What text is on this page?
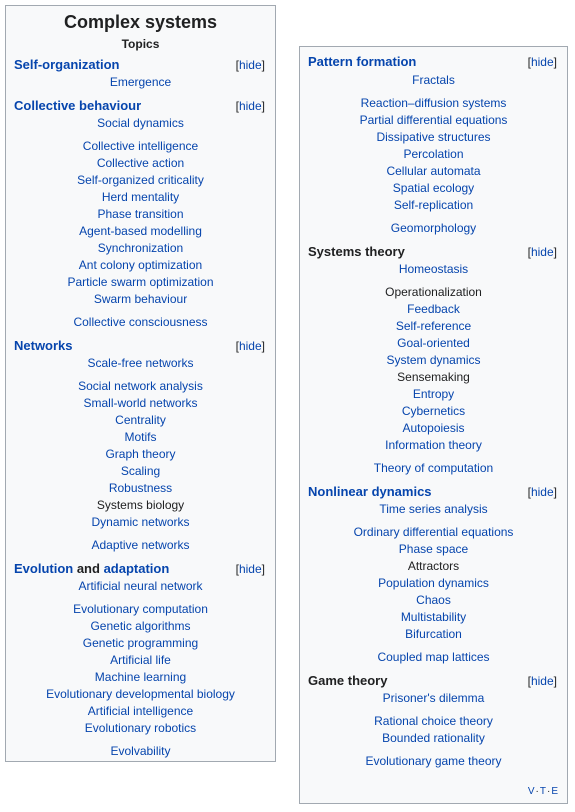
Complex systems
Topics
Self-organization	[hide]
Emergence
Collective behaviour	[hide]
Social dynamics
Collective intelligence
Collective action
Self-organized criticality
Herd mentality
Phase transition
Agent-based modelling
Synchronization
Ant colony optimization
Particle swarm optimization
Swarm behaviour
Collective consciousness
Networks	[hide]
Scale-free networks
Social network analysis
Small-world networks
Centrality
Motifs
Graph theory
Scaling
Robustness
Systems biology
Dynamic networks
Adaptive networks
Evolution and adaptation	[hide]
Artificial neural network
Evolutionary computation
Genetic algorithms
Genetic programming
Artificial life
Machine learning
Evolutionary developmental biology
Artificial intelligence
Evolutionary robotics
Evolvability
Pattern formation	[hide]
Fractals
Reaction–diffusion systems
Partial differential equations
Dissipative structures
Percolation
Cellular automata
Spatial ecology
Self-replication
Geomorphology
Systems theory	[hide]
Homeostasis
Operationalization
Feedback
Self-reference
Goal-oriented
System dynamics
Sensemaking
Entropy
Cybernetics
Autopoiesis
Information theory
Theory of computation
Nonlinear dynamics	[hide]
Time series analysis
Ordinary differential equations
Phase space
Attractors
Population dynamics
Chaos
Multistability
Bifurcation
Coupled map lattices
Game theory	[hide]
Prisoner's dilemma
Rational choice theory
Bounded rationality
Evolutionary game theory
V·T·E
